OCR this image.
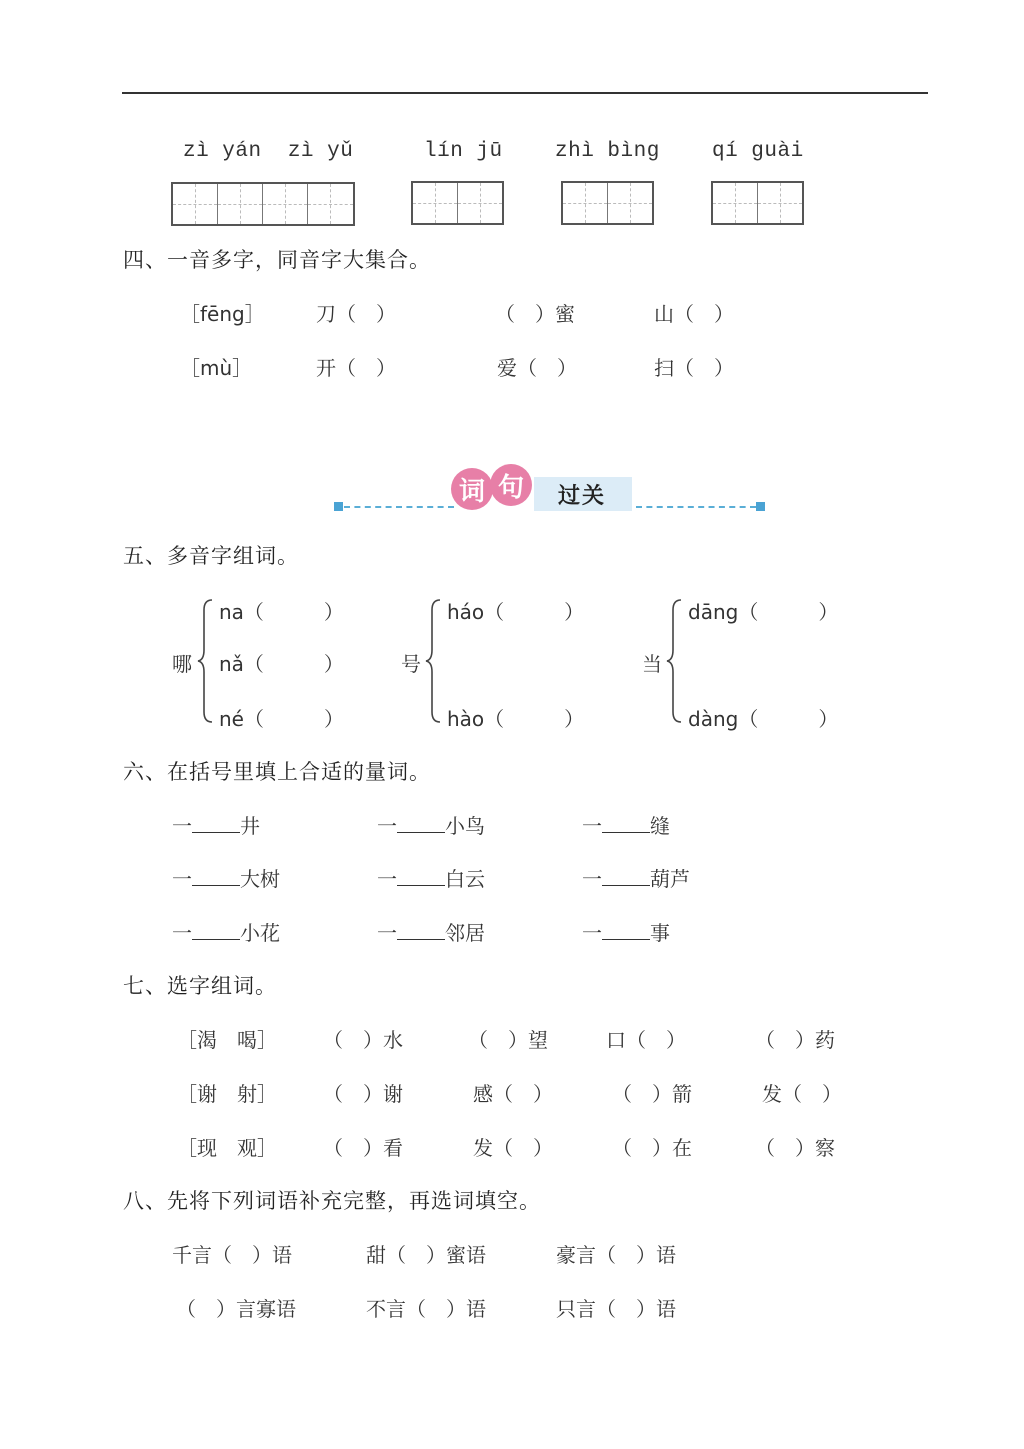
zì yán  zì yǔ	lín jū zhì bìng qí guài
四、一音多字，同音字大集合。
［fēng］	刀（　）	（　）蜜	山（　）
［mù］	开（　）	爱（　）	扫（　）
过关
词 句
五、多音字组词。
哪
na（　　　）
nǎ（　　　）
né（　　　）
号
háo（　　　）
hào（　　　）
当
dāng（　　　）
dàng（　　　）
六、在括号里填上合适的量词。
一 井	一 小鸟	一 缝
一 大树	一 白云	一 葫芦
一 小花	一 邻居	一 事
七、选字组词。
［渴　喝］ （　）水	（　）望	口（　）	（　）药
［谢　射］ （　）谢	感（　）	（　）箭	发（　）
［现　观］ （　）看	发（　）	（　）在	（　）察
八、先将下列词语补充完整，再选词填空。
千言（　）语	甜（　）蜜语	豪言（　）语
（　）言寡语	不言（　）语	只言（　）语
